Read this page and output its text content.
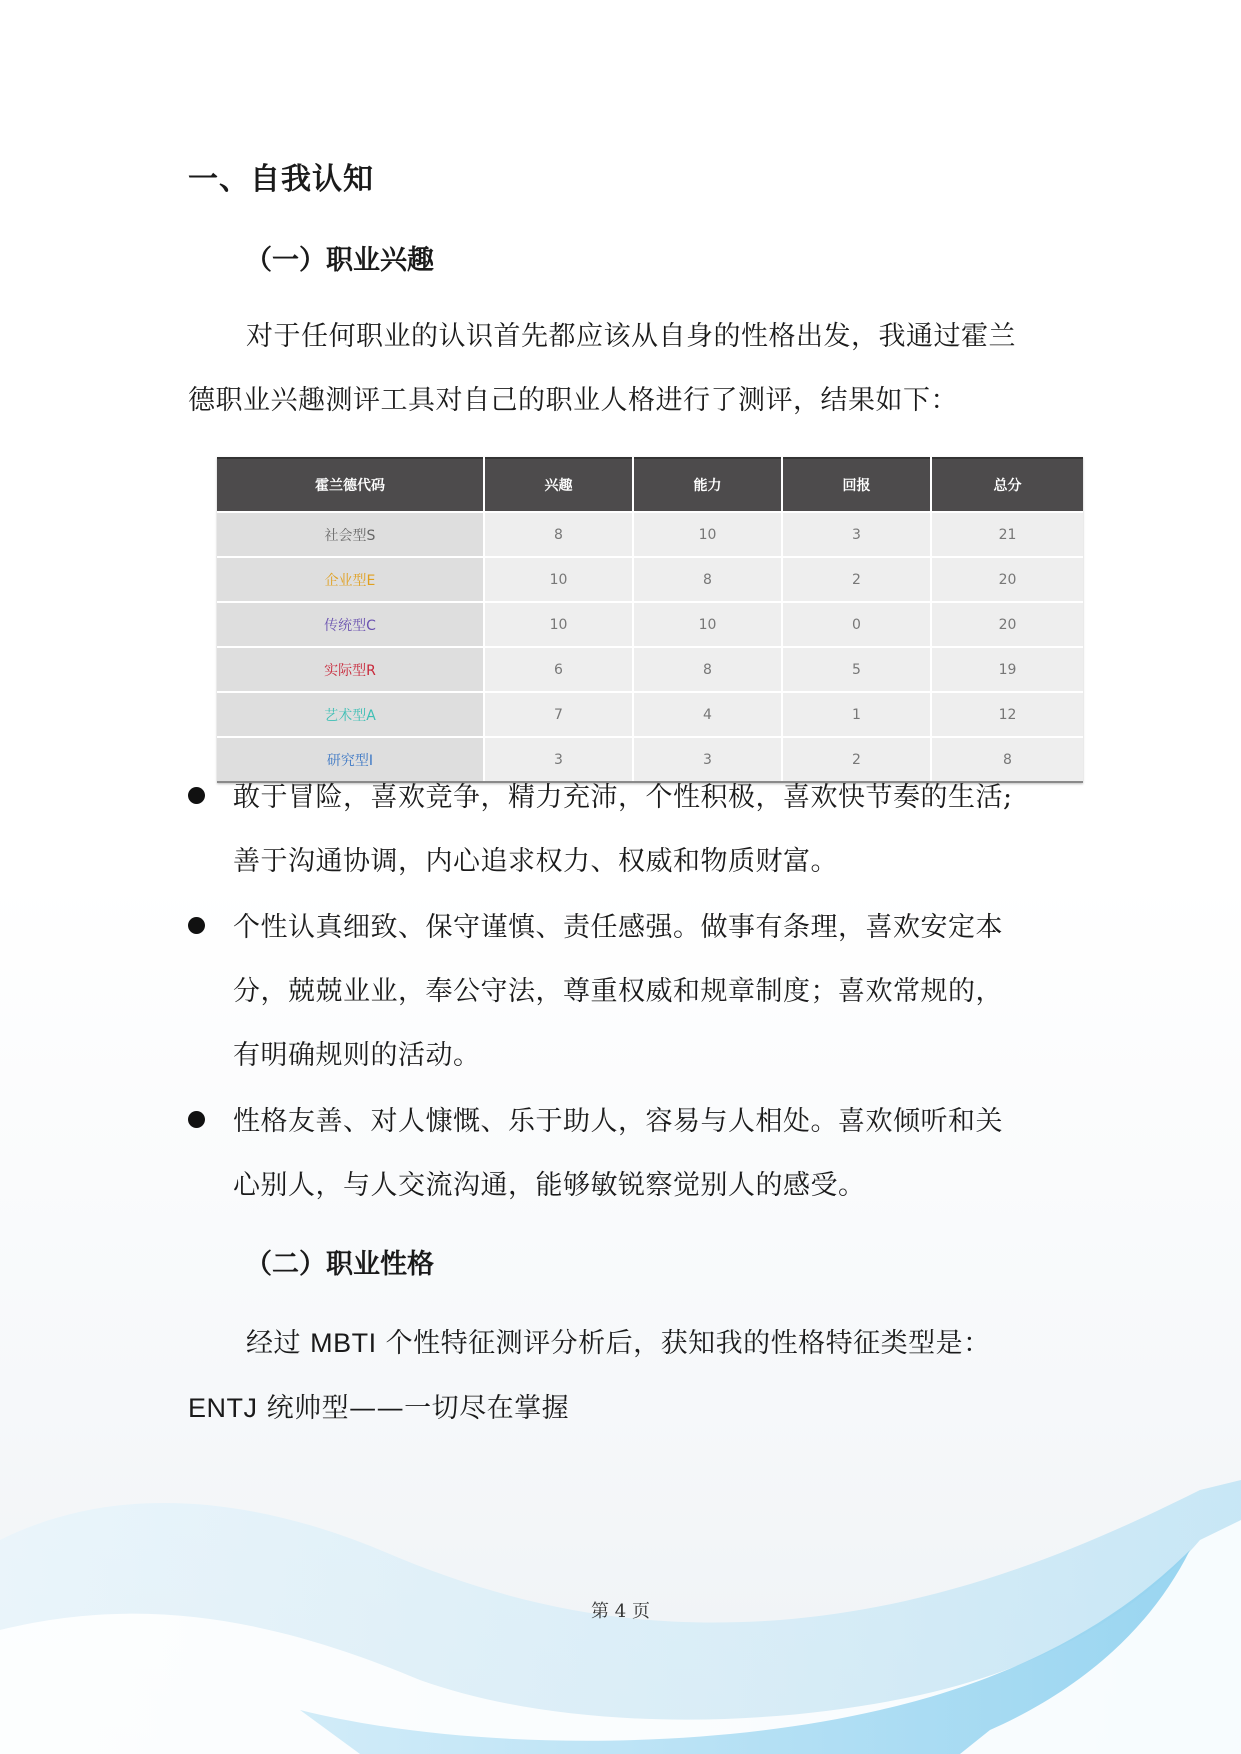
一、自我认知
（一）职业兴趣
对于任何职业的认识首先都应该从自身的性格出发，我通过霍兰
德职业兴趣测评工具对自己的职业人格进行了测评，结果如下：
霍兰德代码	兴趣	能力	回报	总分
社会型S	8	10	3	21
企业型E	10	8	2	20
传统型C	10	10	0	20
实际型R	6	8	5	19
艺术型A	7	4	1	12
研究型I	3	3	2	8
敢于冒险，喜欢竞争，精力充沛，个性积极，喜欢快节奏的生活;
善于沟通协调，内心追求权力、权威和物质财富。
个性认真细致、保守谨慎、责任感强。做事有条理，喜欢安定本
分，兢兢业业，奉公守法，尊重权威和规章制度；喜欢常规的，
有明确规则的活动。
性格友善、对人慷慨、乐于助人，容易与人相处。喜欢倾听和关
心别人，与人交流沟通，能够敏锐察觉别人的感受。
（二）职业性格
经过 MBTI 个性特征测评分析后，获知我的性格特征类型是：
ENTJ 统帅型——一切尽在掌握
第 4 页
